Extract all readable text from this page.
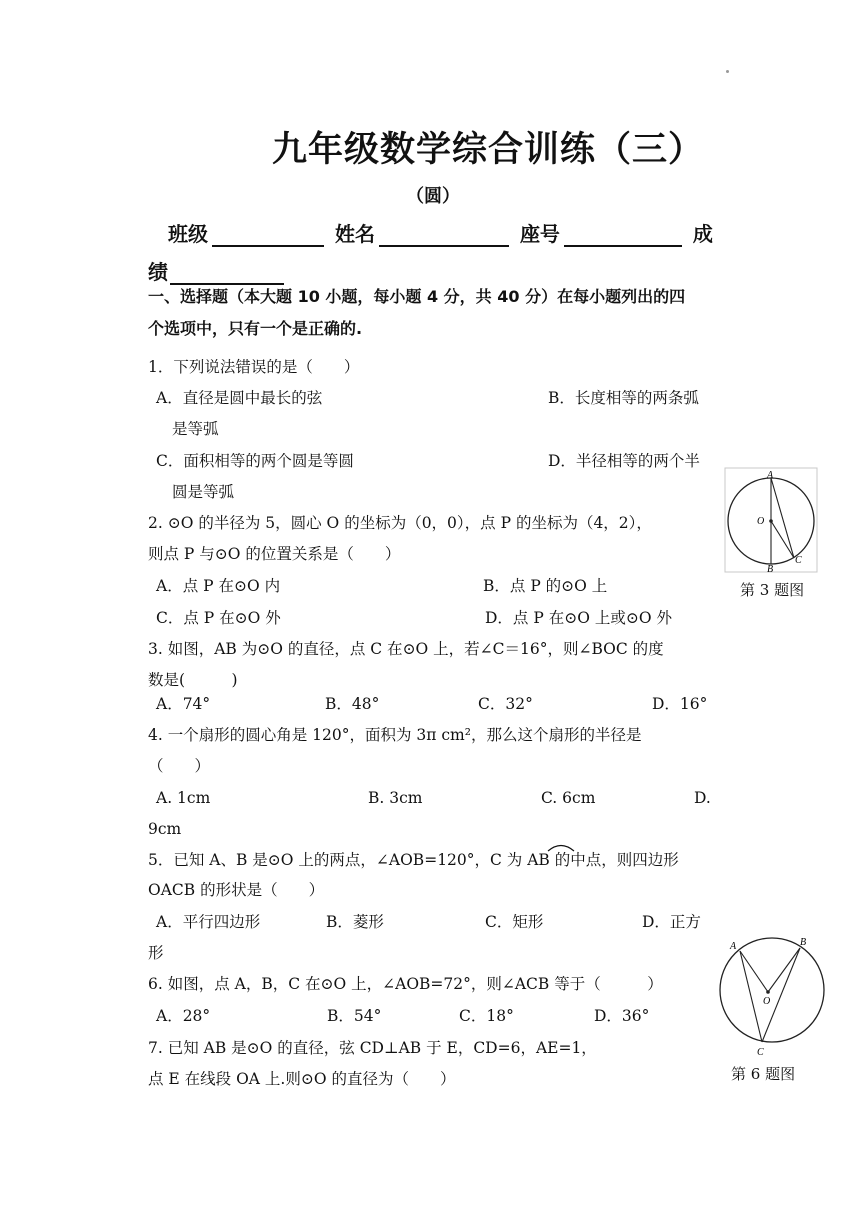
九年级数学综合训练（三）
（圆）
班级	姓名	座号	成
绩
一、选择题（本大题 10 小题，每小题 4 分，共 40 分）在每小题列出的四
个选项中，只有一个是正确的.
1．下列说法错误的是（　　）
A．直径是圆中最长的弦	B．长度相等的两条弧
是等弧
C．面积相等的两个圆是等圆	D．半径相等的两个半
圆是等弧
2. ⊙O 的半径为 5，圆心 O 的坐标为（0，0），点 P 的坐标为（4，2），
则点 P 与⊙O 的位置关系是（　　）
A．点 P 在⊙O 内	B．点 P 的⊙O 上
C．点 P 在⊙O 外	D．点 P 在⊙O 上或⊙O 外
3. 如图，AB 为⊙O 的直径，点 C 在⊙O 上，若∠C＝16°，则∠BOC 的度
数是(　　　)
A．74°	B．48°	C．32°	D．16°
4. 一个扇形的圆心角是 120°，面积为 3π cm²，那么这个扇形的半径是
（　　）
A. 1cm	B. 3cm	C. 6cm	D.
9cm
5．已知 A、B 是⊙O 上的两点，∠AOB=120°，C 为 AB 的中点，则四边形
OACB 的形状是（　　）
A．平行四边形	B．菱形	C．矩形	D．正方
形
6. 如图，点 A，B，C 在⊙O 上，∠AOB=72°，则∠ACB 等于（　　　）
A．28°	B．54°	C．18°	D．36°
7. 已知 AB 是⊙O 的直径，弦 CD⊥AB 于 E，CD=6，AE=1，
点 E 在线段 OA 上.则⊙O 的直径为（　　）
A
O
B
C
第 3 题图
A	B
O
C
第 6 题图
